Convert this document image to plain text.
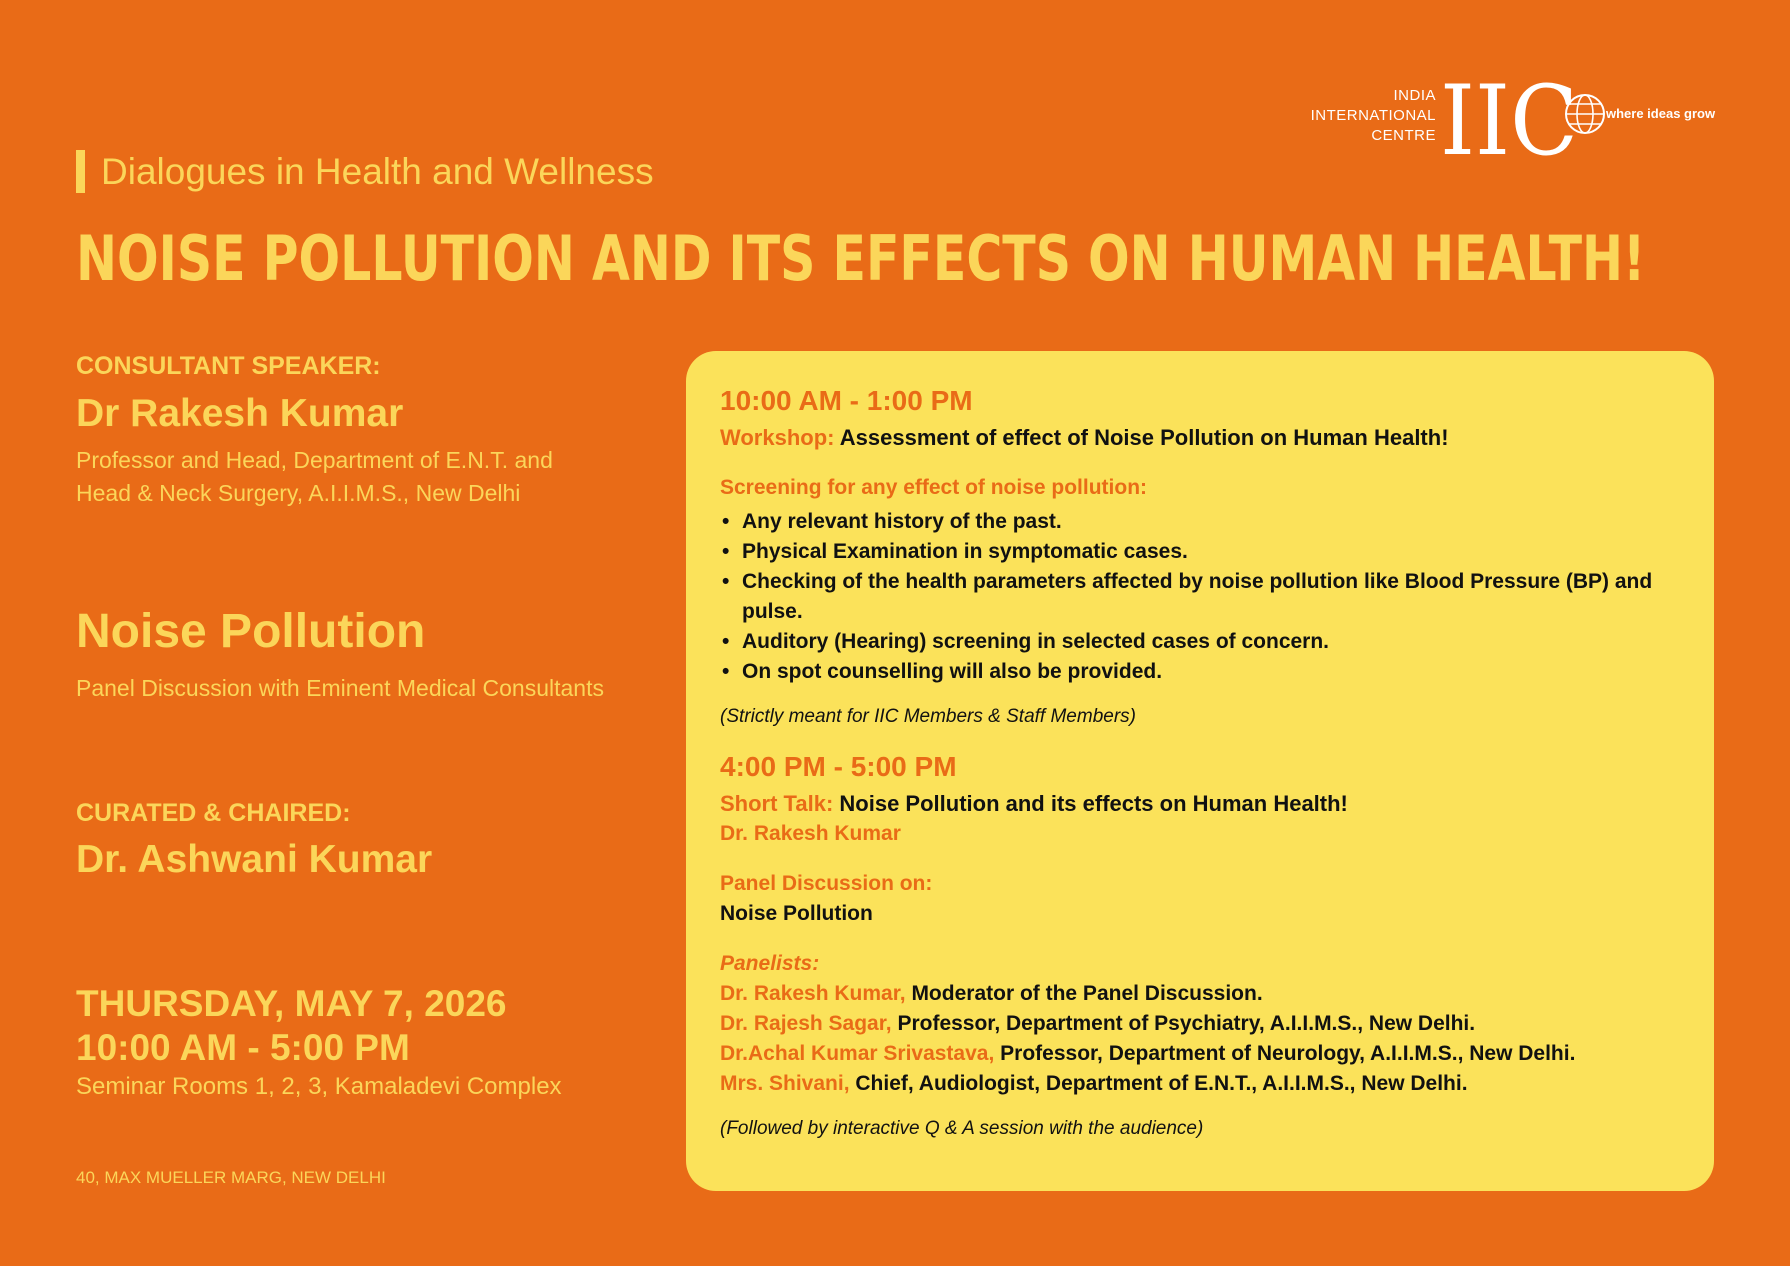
INDIA
INTERNATIONAL
CENTRE IIC where ideas grow
Dialogues in Health and Wellness
NOISE POLLUTION AND ITS EFFECTS ON HUMAN HEALTH!
CONSULTANT SPEAKER:
Dr Rakesh Kumar
Professor and Head, Department of E.N.T. and
Head & Neck Surgery, A.I.I.M.S., New Delhi
Noise Pollution
Panel Discussion with Eminent Medical Consultants
CURATED & CHAIRED:
Dr. Ashwani Kumar
THURSDAY, MAY 7, 2026
10:00 AM - 5:00 PM
Seminar Rooms 1, 2, 3, Kamaladevi Complex
40, MAX MUELLER MARG, NEW DELHI
10:00 AM - 1:00 PM
Workshop: Assessment of effect of Noise Pollution on Human Health!
Screening for any effect of noise pollution:
• Any relevant history of the past.
• Physical Examination in symptomatic cases.
• Checking of the health parameters affected by noise pollution like Blood Pressure (BP) and pulse.
• Auditory (Hearing) screening in selected cases of concern.
• On spot counselling will also be provided.
(Strictly meant for IIC Members & Staff Members)
4:00 PM - 5:00 PM
Short Talk: Noise Pollution and its effects on Human Health!
Dr. Rakesh Kumar
Panel Discussion on:
Noise Pollution
Panelists:
Dr. Rakesh Kumar, Moderator of the Panel Discussion.
Dr. Rajesh Sagar, Professor, Department of Psychiatry, A.I.I.M.S., New Delhi.
Dr.Achal Kumar Srivastava, Professor, Department of Neurology, A.I.I.M.S., New Delhi.
Mrs. Shivani, Chief, Audiologist, Department of E.N.T., A.I.I.M.S., New Delhi.
(Followed by interactive Q & A session with the audience)
